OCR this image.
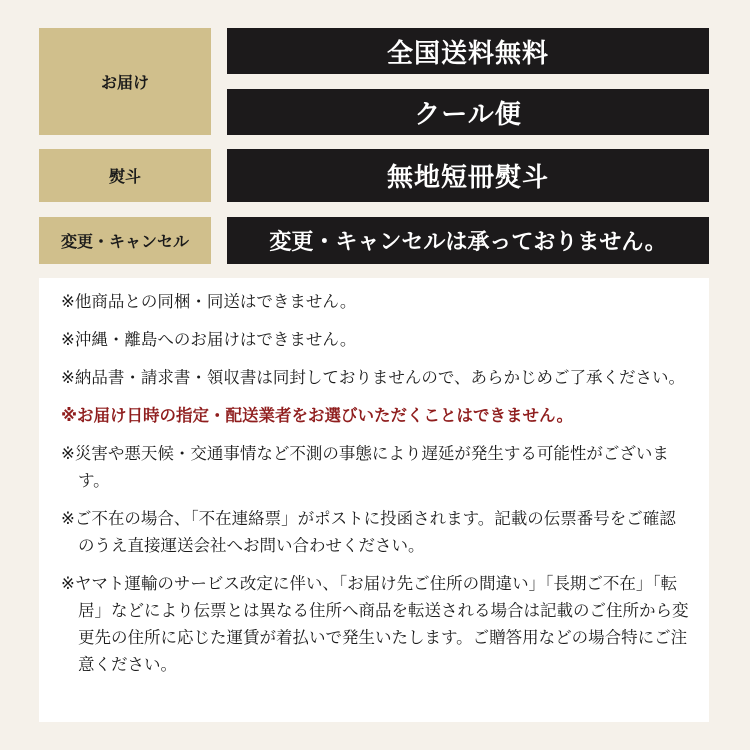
お届け
全国送料無料
クール便
熨斗	無地短冊熨斗
変更・キャンセル	変更・キャンセルは承っておりません。

※他商品との同梱・同送はできません。

※沖縄・離島へのお届けはできません。

※納品書・請求書・領収書は同封しておりませんので、あらかじめご了承ください。

※お届け日時の指定・配送業者をお選びいただくことはできません。

※災害や悪天候・交通事情など不測の事態により遅延が発生する可能性がございます。

※ご不在の場合、「不在連絡票」がポストに投函されます。記載の伝票番号をご確認のうえ直接運送会社へお問い合わせください。

※ヤマト運輸のサービス改定に伴い、「お届け先ご住所の間違い」「長期ご不在」「転居」などにより伝票とは異なる住所へ商品を転送される場合は記載のご住所から変更先の住所に応じた運賃が着払いで発生いたします。ご贈答用などの場合特にご注意ください。
